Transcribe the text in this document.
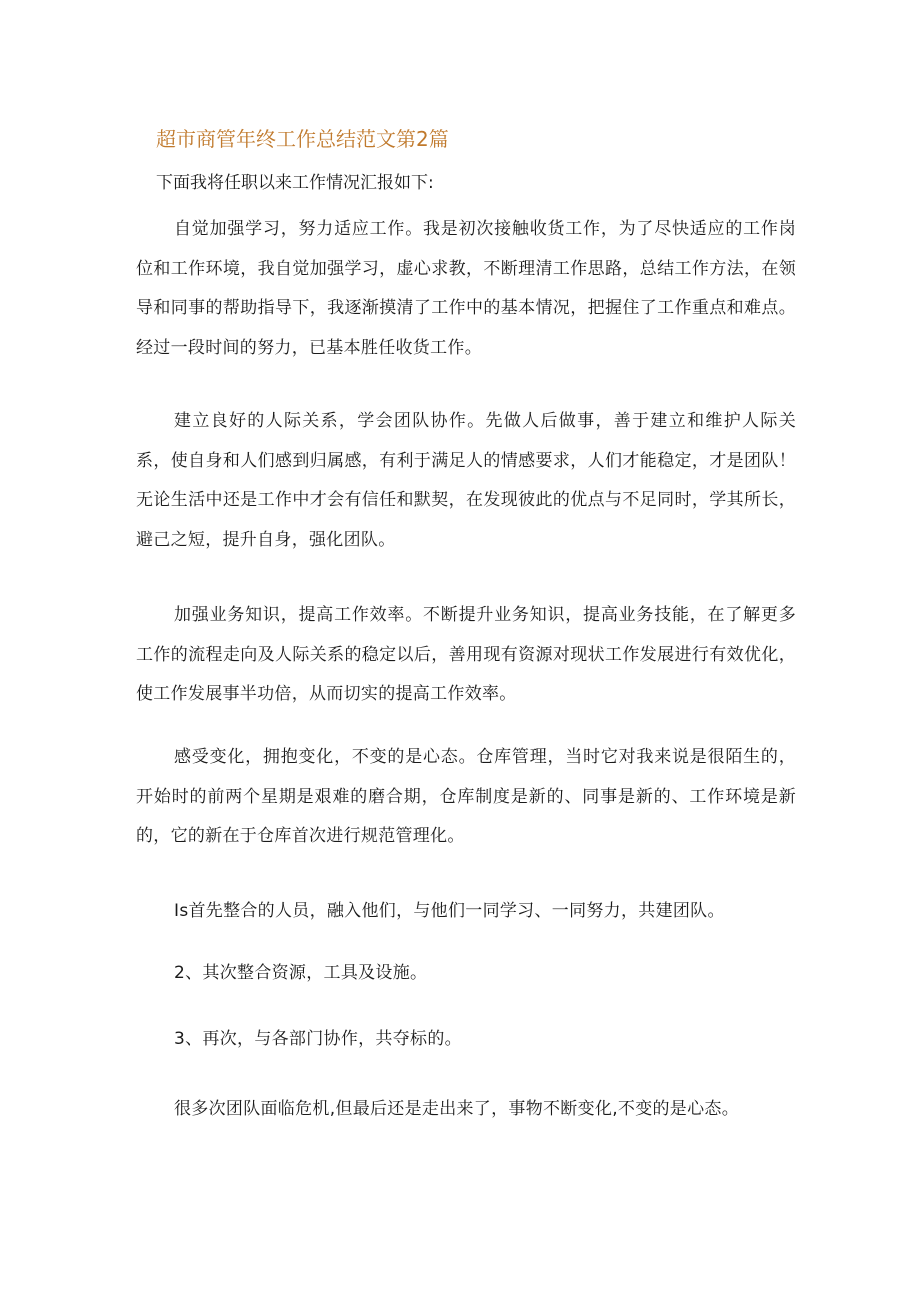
超市商管年终工作总结范文第2篇

下面我将任职以来工作情况汇报如下:

自觉加强学习，努力适应工作。我是初次接触收货工作，为了尽快适应的工作岗位和工作环境，我自觉加强学习，虚心求教，不断理清工作思路，总结工作方法，在领导和同事的帮助指导下，我逐渐摸清了工作中的基本情况，把握住了工作重点和难点。经过一段时间的努力，已基本胜任收货工作。

建立良好的人际关系，学会团队协作。先做人后做事，善于建立和维护人际关系，使自身和人们感到归属感，有利于满足人的情感要求，人们才能稳定，才是团队！无论生活中还是工作中才会有信任和默契，在发现彼此的优点与不足同时，学其所长，避己之短，提升自身，强化团队。

加强业务知识，提高工作效率。不断提升业务知识，提高业务技能，在了解更多工作的流程走向及人际关系的稳定以后，善用现有资源对现状工作发展进行有效优化，使工作发展事半功倍，从而切实的提高工作效率。

感受变化，拥抱变化，不变的是心态。仓库管理，当时它对我来说是很陌生的，开始时的前两个星期是艰难的磨合期，仓库制度是新的、同事是新的、工作环境是新的，它的新在于仓库首次进行规范管理化。

Is首先整合的人员，融入他们，与他们一同学习、一同努力，共建团队。

2、其次整合资源，工具及设施。

3、再次，与各部门协作，共夺标的。

很多次团队面临危机,但最后还是走出来了，事物不断变化,不变的是心态。
